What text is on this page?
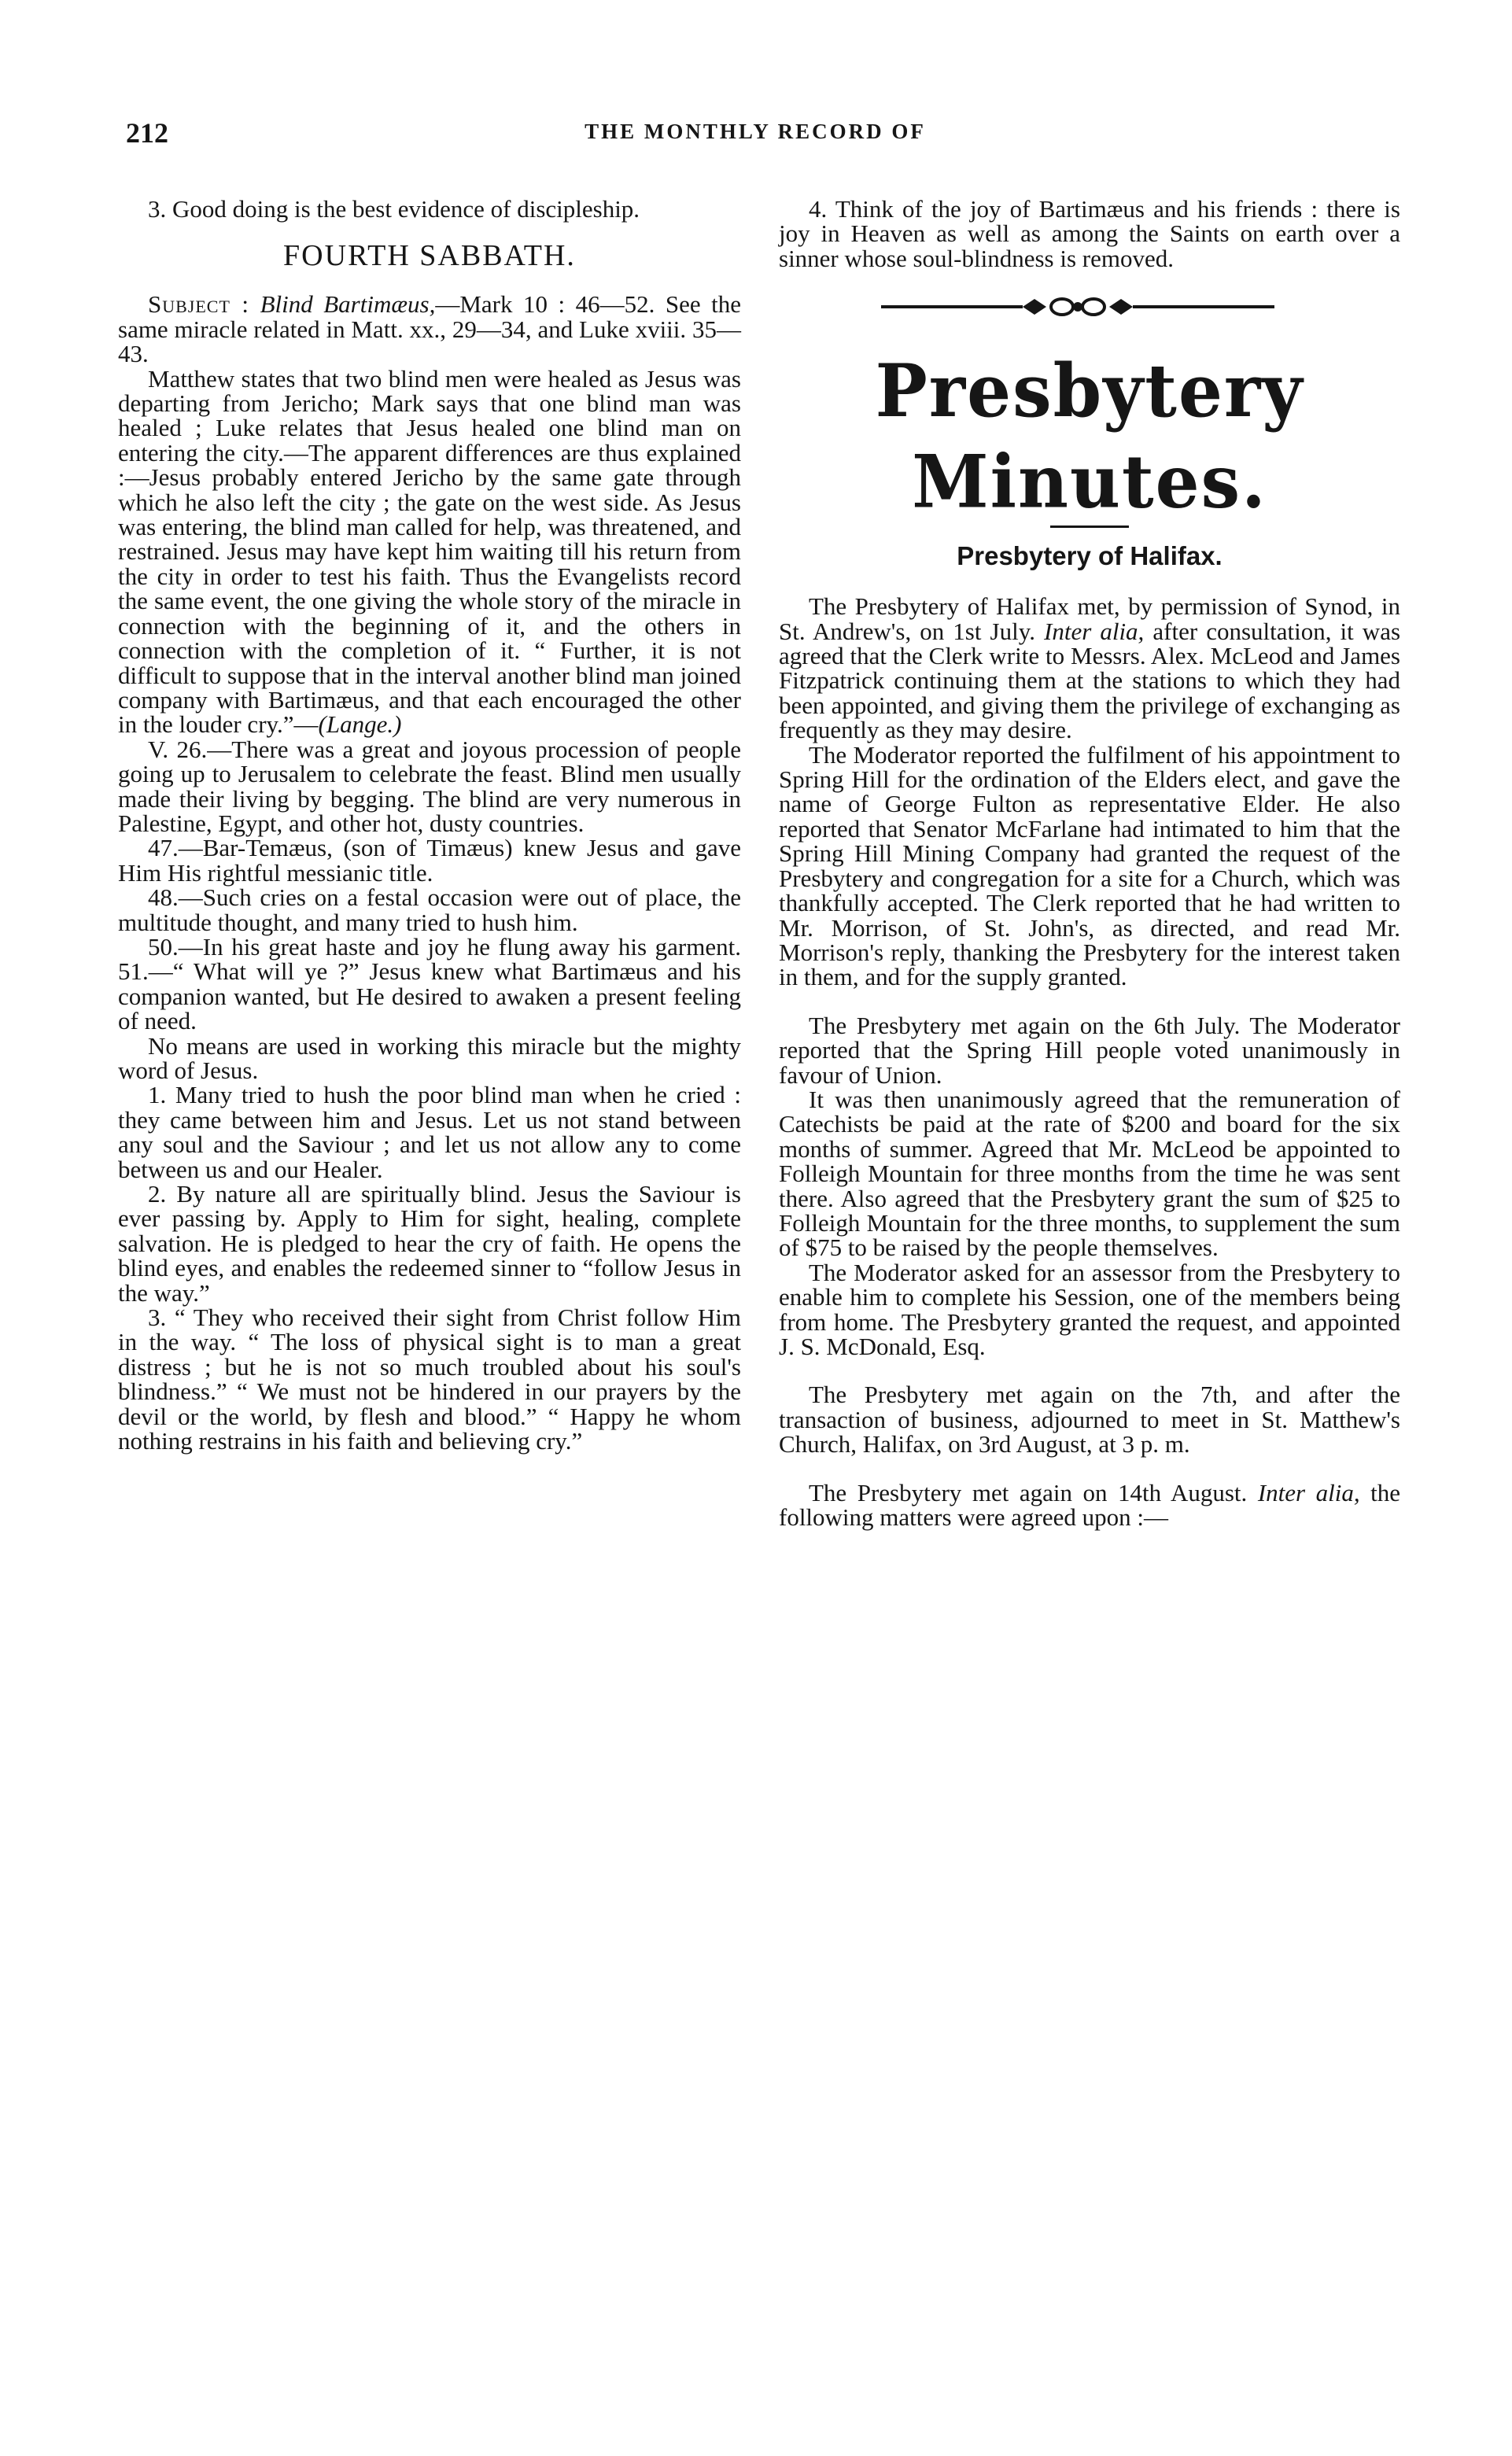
212	THE MONTHLY RECORD OF

3. Good doing is the best evidence of discipleship.

FOURTH SABBATH.

Subject : Blind Bartimæus,—Mark 10 : 46—52. See the same miracle related in Matt. xx., 29—34, and Luke xviii. 35—43.

Matthew states that two blind men were healed as Jesus was departing from Jericho; Mark says that one blind man was healed ; Luke relates that Jesus healed one blind man on entering the city.—The apparent differences are thus explained :—Jesus probably entered Jericho by the same gate through which he also left the city ; the gate on the west side. As Jesus was entering, the blind man called for help, was threatened, and restrained. Jesus may have kept him waiting till his return from the city in order to test his faith. Thus the Evangelists record the same event, the one giving the whole story of the miracle in connection with the beginning of it, and the others in connection with the completion of it. “ Further, it is not difficult to suppose that in the interval another blind man joined company with Bartimæus, and that each encouraged the other in the louder cry.”—(Lange.)

V. 26.—There was a great and joyous procession of people going up to Jerusalem to celebrate the feast. Blind men usually made their living by begging. The blind are very numerous in Palestine, Egypt, and other hot, dusty countries.

47.—Bar-Temæus, (son of Timæus) knew Jesus and gave Him His rightful messianic title.

48.—Such cries on a festal occasion were out of place, the multitude thought, and many tried to hush him.

50.—In his great haste and joy he flung away his garment. 51.—“ What will ye ?” Jesus knew what Bartimæus and his companion wanted, but He desired to awaken a present feeling of need.

No means are used in working this miracle but the mighty word of Jesus.

1. Many tried to hush the poor blind man when he cried : they came between him and Jesus. Let us not stand between any soul and the Saviour ; and let us not allow any to come between us and our Healer.

2. By nature all are spiritually blind. Jesus the Saviour is ever passing by. Apply to Him for sight, healing, complete salvation. He is pledged to hear the cry of faith. He opens the blind eyes, and enables the redeemed sinner to “follow Jesus in the way.”

3. “ They who received their sight from Christ follow Him in the way. “ The loss of physical sight is to man a great distress ; but he is not so much troubled about his soul's blindness.” “ We must not be hindered in our prayers by the devil or the world, by flesh and blood.” “ Happy he whom nothing restrains in his faith and believing cry.”

4. Think of the joy of Bartimæus and his friends : there is joy in Heaven as well as among the Saints on earth over a sinner whose soul-blindness is removed.

Presbytery Minutes.
Presbytery of Halifax.

The Presbytery of Halifax met, by permission of Synod, in St. Andrew's, on 1st July. Inter alia, after consultation, it was agreed that the Clerk write to Messrs. Alex. McLeod and James Fitzpatrick continuing them at the stations to which they had been appointed, and giving them the privilege of exchanging as frequently as they may desire.

The Moderator reported the fulfilment of his appointment to Spring Hill for the ordination of the Elders elect, and gave the name of George Fulton as representative Elder. He also reported that Senator McFarlane had intimated to him that the Spring Hill Mining Company had granted the request of the Presbytery and congregation for a site for a Church, which was thankfully accepted. The Clerk reported that he had written to Mr. Morrison, of St. John's, as directed, and read Mr. Morrison's reply, thanking the Presbytery for the interest taken in them, and for the supply granted.

The Presbytery met again on the 6th July. The Moderator reported that the Spring Hill people voted unanimously in favour of Union.

It was then unanimously agreed that the remuneration of Catechists be paid at the rate of $200 and board for the six months of summer. Agreed that Mr. McLeod be appointed to Folleigh Mountain for three months from the time he was sent there. Also agreed that the Presbytery grant the sum of $25 to Folleigh Mountain for the three months, to supplement the sum of $75 to be raised by the people themselves.

The Moderator asked for an assessor from the Presbytery to enable him to complete his Session, one of the members being from home. The Presbytery granted the request, and appointed J. S. McDonald, Esq.

The Presbytery met again on the 7th, and after the transaction of business, adjourned to meet in St. Matthew's Church, Halifax, on 3rd August, at 3 p. m.

The Presbytery met again on 14th August. Inter alia, the following matters were agreed upon :—
